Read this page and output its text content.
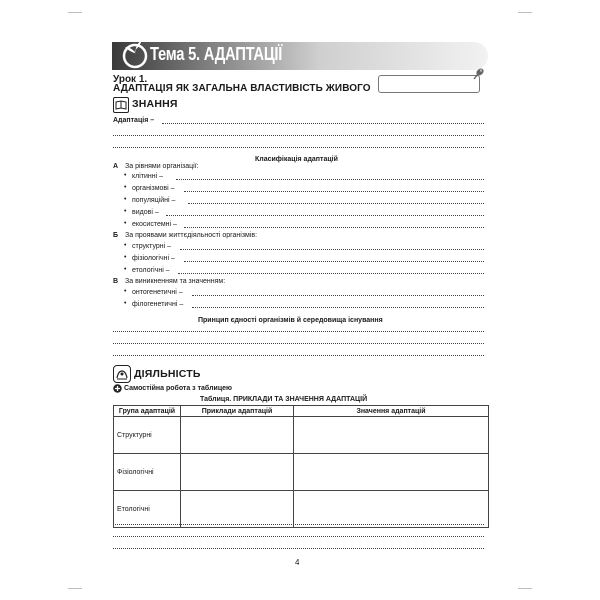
Тема 5. АДАПТАЦІЇ
Урок 1.
АДАПТАЦІЯ ЯК ЗАГАЛЬНА ВЛАСТИВІСТЬ ЖИВОГО
ЗНАННЯ
Адаптація –
Класифікація адаптацій
А За рівнями організації:
• клітинні –
• організмові –
• популяційні –
• видові –
• екосистемні –
Б За проявами життєдіяльності організмів:
• структурні –
• фізіологічні –
• етологічні –
В За виникненням та значенням:
• онтогенетичні –
• філогенетичні –
Принцип єдності організмів й середовища існування
ДІЯЛЬНІСТЬ
Самостійна робота з таблицею
Таблиця. ПРИКЛАДИ ТА ЗНАЧЕННЯ АДАПТАЦІЙ
Група адаптацій	Приклади адаптацій	Значення адаптацій
Структурні		
Фізіологічні		
Етологічні		
4
